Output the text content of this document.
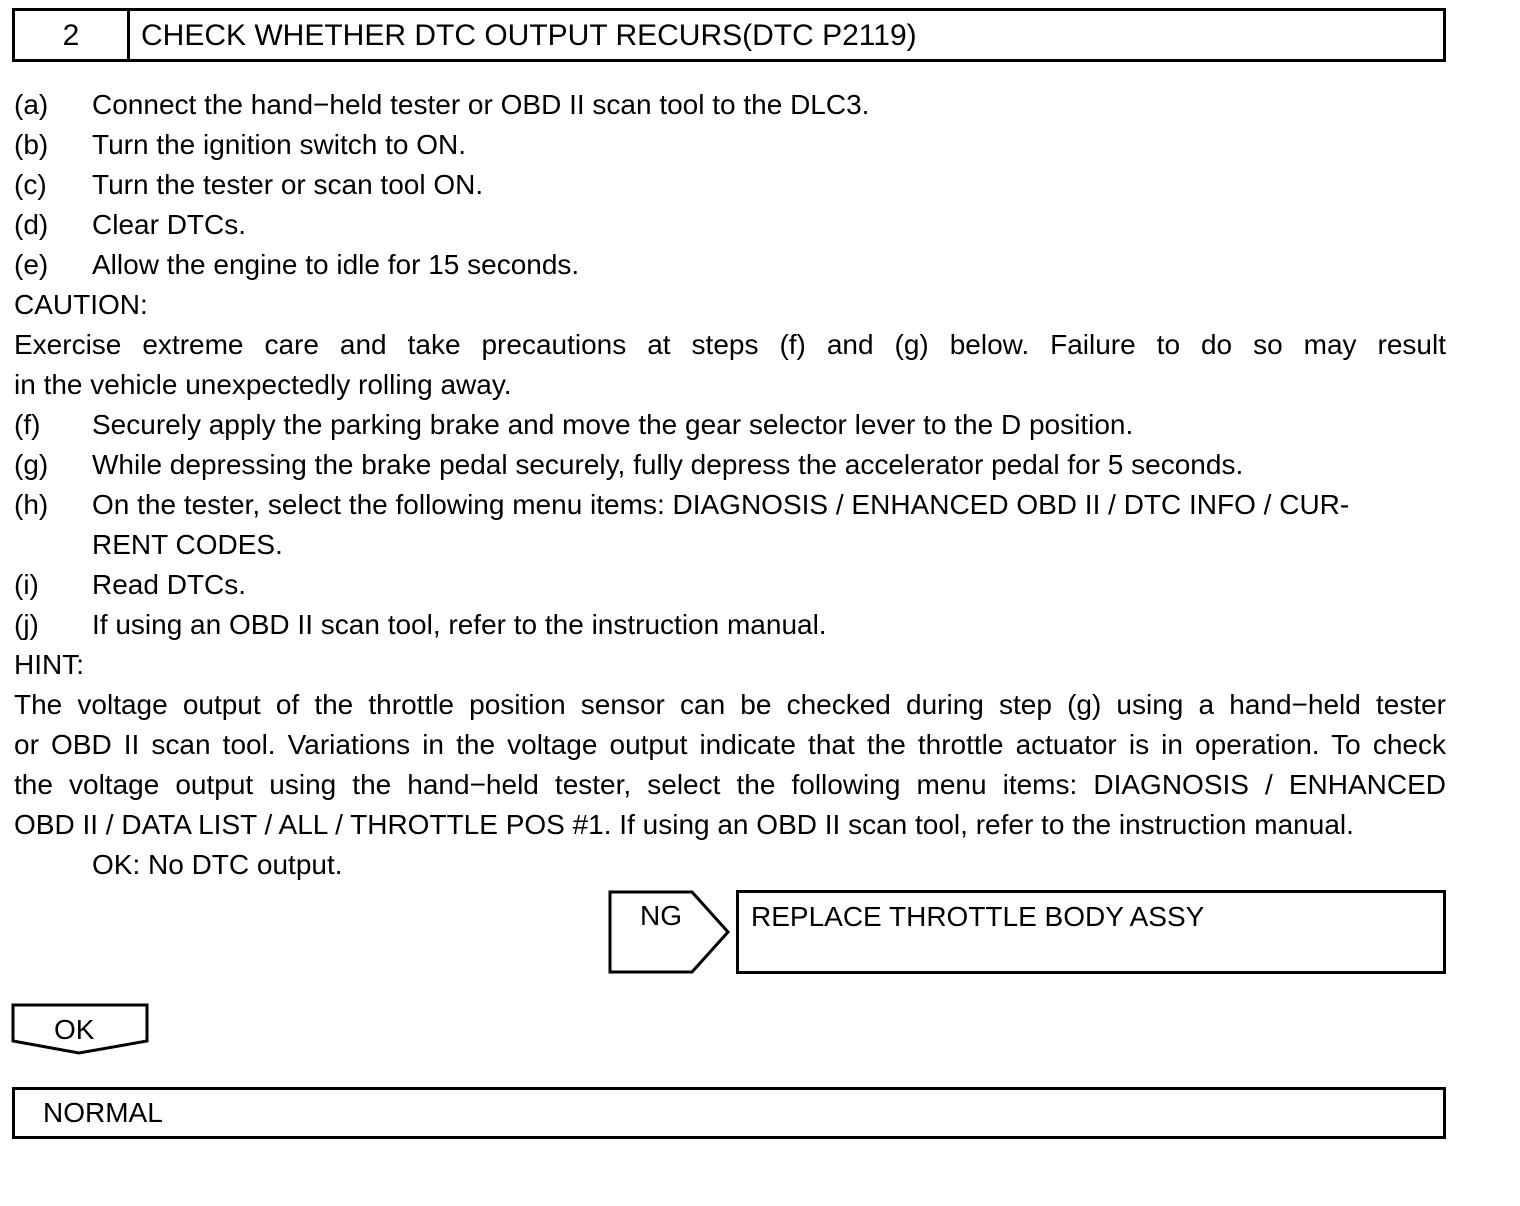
2	CHECK WHETHER DTC OUTPUT RECURS(DTC P2119)
(a) Connect the hand−held tester or OBD II scan tool to the DLC3.
(b) Turn the ignition switch to ON.
(c) Turn the tester or scan tool ON.
(d) Clear DTCs.
(e) Allow the engine to idle for 15 seconds.
CAUTION:
Exercise extreme care and take precautions at steps (f) and (g) below. Failure to do so may result
in the vehicle unexpectedly rolling away.
(f) Securely apply the parking brake and move the gear selector lever to the D position.
(g) While depressing the brake pedal securely, fully depress the accelerator pedal for 5 seconds.
(h) On the tester, select the following menu items: DIAGNOSIS / ENHANCED OBD II / DTC INFO / CUR-
RENT CODES.
(i) Read DTCs.
(j) If using an OBD II scan tool, refer to the instruction manual.
HINT:
The voltage output of the throttle position sensor can be checked during step (g) using a hand−held tester
or OBD II scan tool. Variations in the voltage output indicate that the throttle actuator is in operation. To check
the voltage output using the hand−held tester, select the following menu items: DIAGNOSIS / ENHANCED
OBD II / DATA LIST / ALL / THROTTLE POS #1. If using an OBD II scan tool, refer to the instruction manual.
OK: No DTC output.
NG REPLACE THROTTLE BODY ASSY
OK
NORMAL
